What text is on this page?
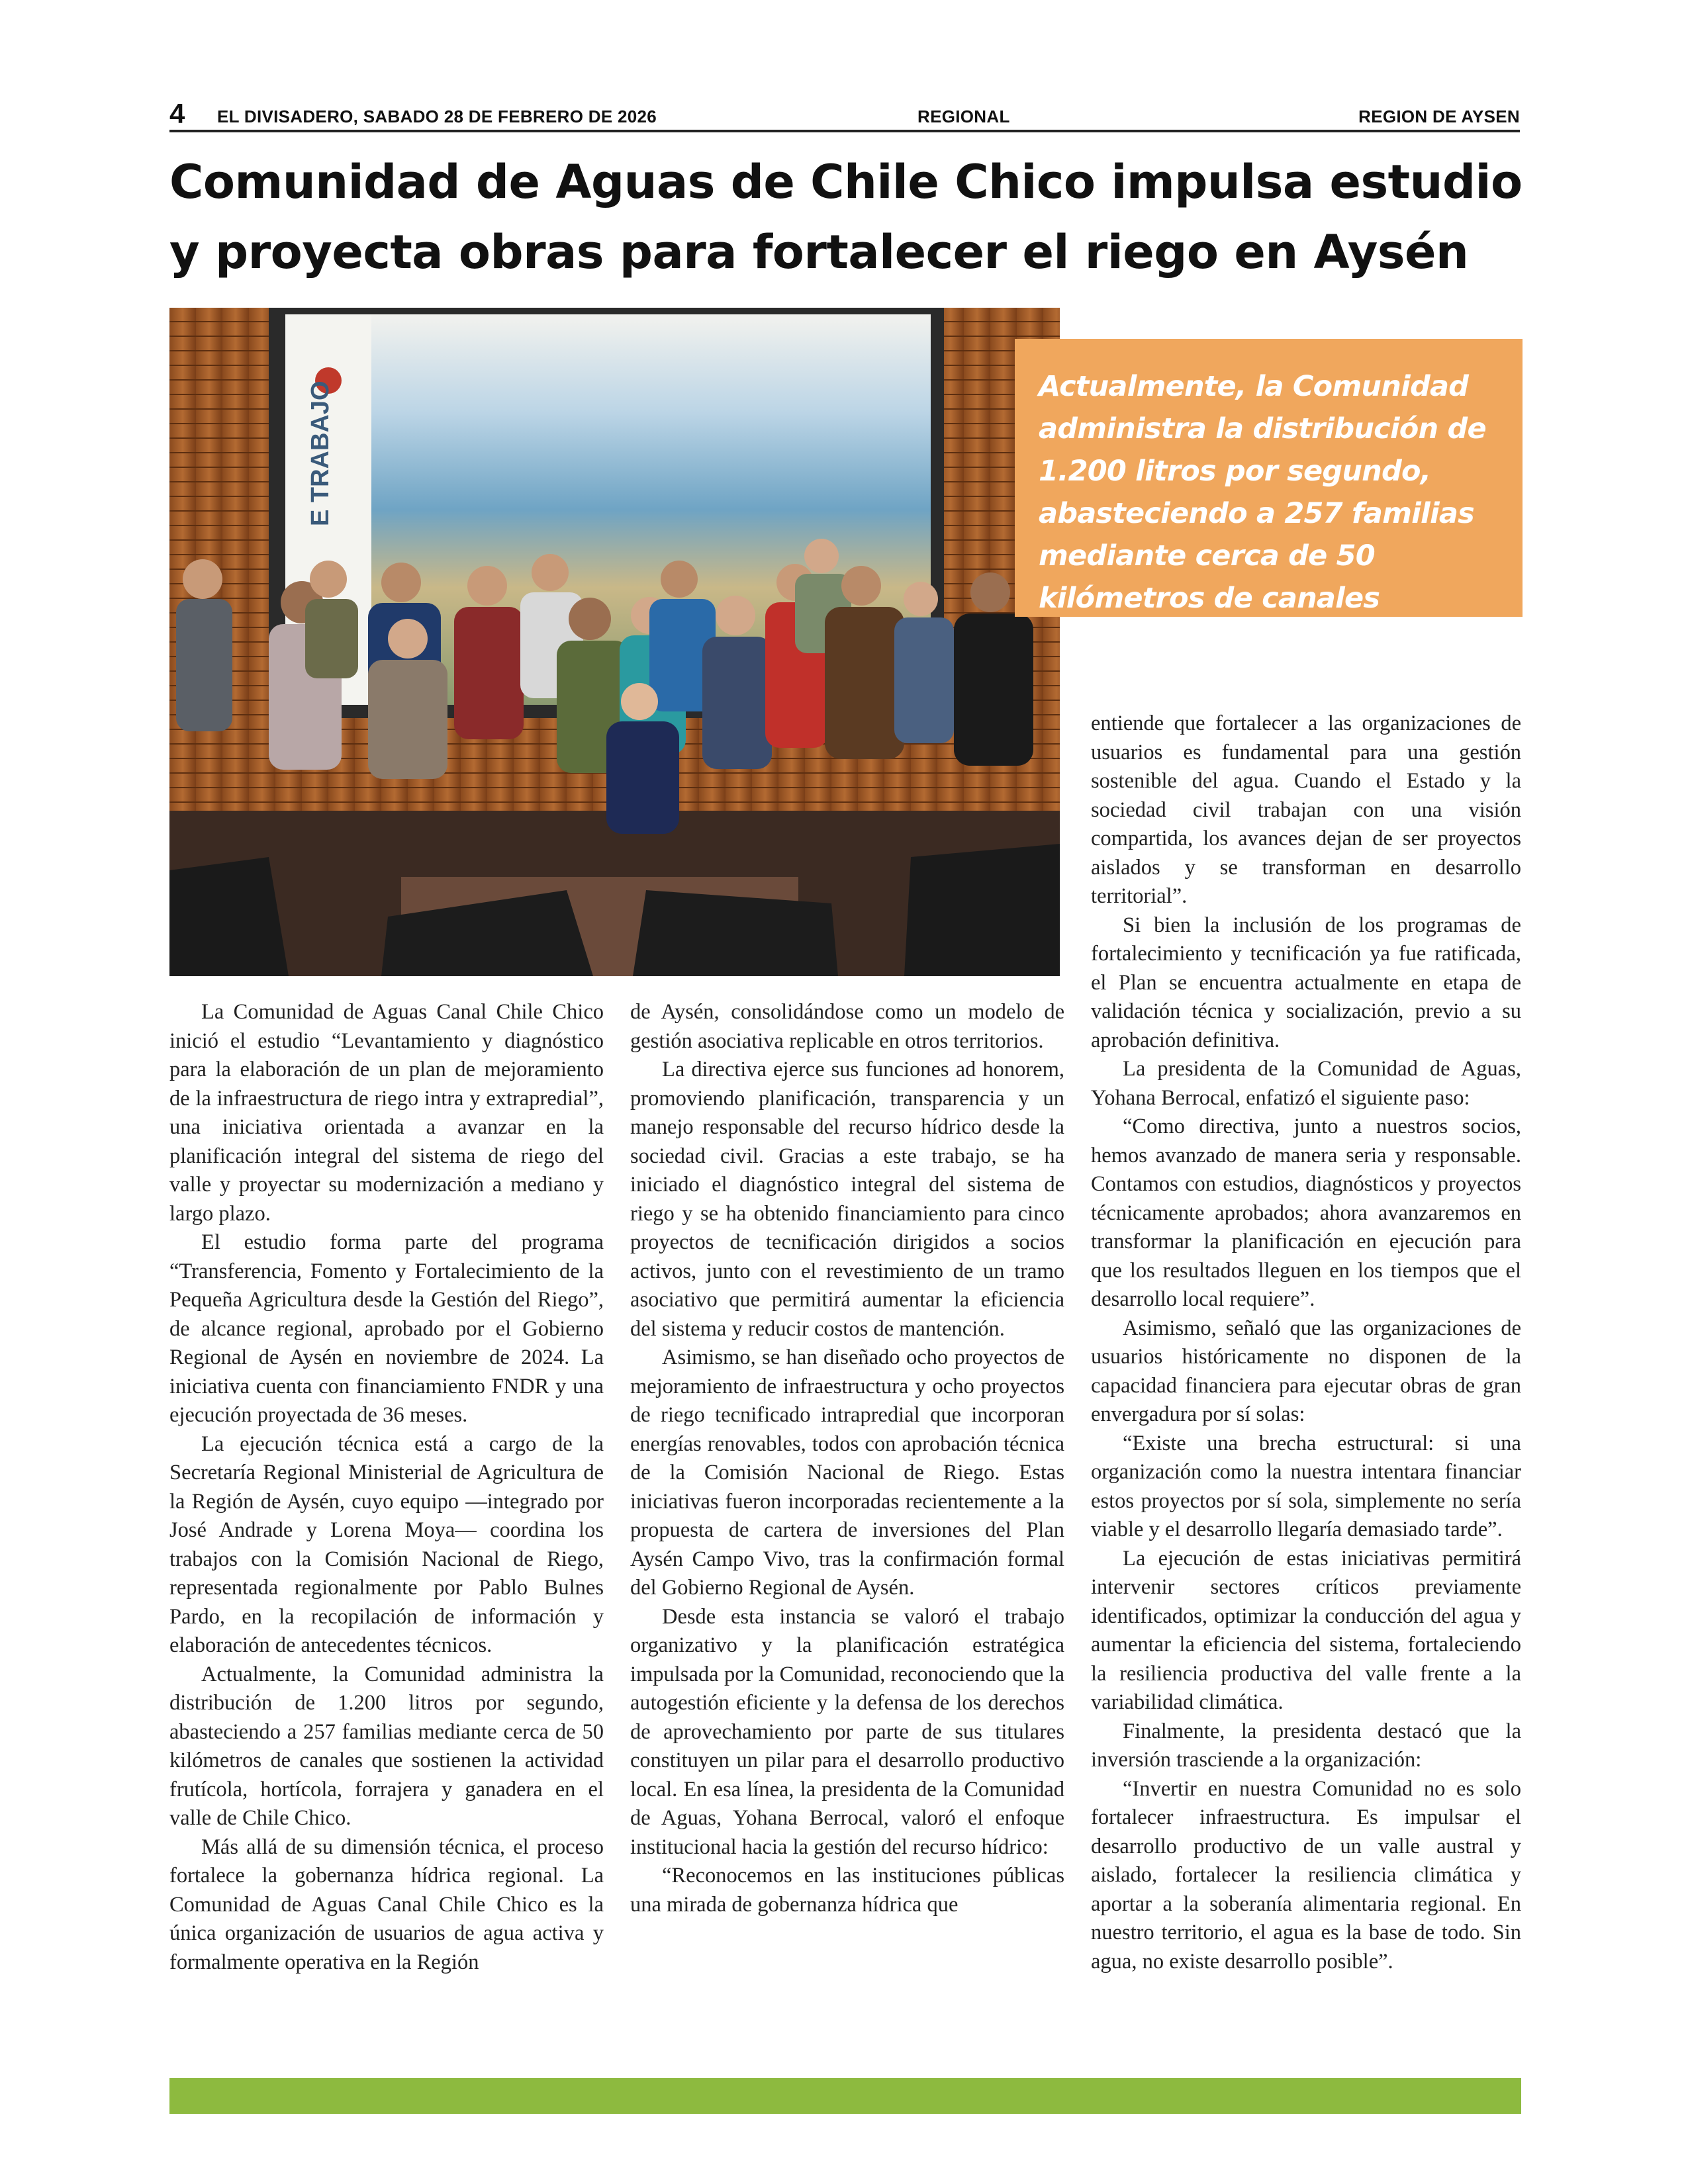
4 EL DIVISADERO, SABADO 28 DE FEBRERO DE 2026	REGIONAL	REGION DE AYSEN
Comunidad de Aguas de Chile Chico impulsa estudio y proyecta obras para fortalecer el riego en Aysén
E TRABAJO	Actualmente, la Comunidad administra la distribución de 1.200 litros por segundo, abasteciendo a 257 familias mediante cerca de 50 kilómetros de canales

La Comunidad de Aguas Canal Chile Chico inició el estudio “Levantamiento y diagnóstico para la elaboración de un plan de mejoramiento de la infraestructura de riego intra y extrapredial”, una iniciativa orientada a avanzar en la planificación integral del sistema de riego del valle y proyectar su modernización a mediano y largo plazo.

El estudio forma parte del programa “Transferencia, Fomento y Fortalecimiento de la Pequeña Agricultura desde la Gestión del Riego”, de alcance regional, aprobado por el Gobierno Regional de Aysén en noviembre de 2024. La iniciativa cuenta con financiamiento FNDR y una ejecución proyectada de 36 meses.

La ejecución técnica está a cargo de la Secretaría Regional Ministerial de Agricultura de la Región de Aysén, cuyo equipo —integrado por José Andrade y Lorena Moya— coordina los trabajos con la Comisión Nacional de Riego, representada regionalmente por Pablo Bulnes Pardo, en la recopilación de información y elaboración de antecedentes técnicos.

Actualmente, la Comunidad administra la distribución de 1.200 litros por segundo, abasteciendo a 257 familias mediante cerca de 50 kilómetros de canales que sostienen la actividad frutícola, hortícola, forrajera y ganadera en el valle de Chile Chico.

Más allá de su dimensión técnica, el proceso fortalece la gobernanza hídrica regional. La Comunidad de Aguas Canal Chile Chico es la única organización de usuarios de agua activa y formalmente operativa en la Región

de Aysén, consolidándose como un modelo de gestión asociativa replicable en otros territorios.

La directiva ejerce sus funciones ad honorem, promoviendo planificación, transparencia y un manejo responsable del recurso hídrico desde la sociedad civil. Gracias a este trabajo, se ha iniciado el diagnóstico integral del sistema de riego y se ha obtenido financiamiento para cinco proyectos de tecnificación dirigidos a socios activos, junto con el revestimiento de un tramo asociativo que permitirá aumentar la eficiencia del sistema y reducir costos de mantención.

Asimismo, se han diseñado ocho proyectos de mejoramiento de infraestructura y ocho proyectos de riego tecnificado intrapredial que incorporan energías renovables, todos con aprobación técnica de la Comisión Nacional de Riego. Estas iniciativas fueron incorporadas recientemente a la propuesta de cartera de inversiones del Plan Aysén Campo Vivo, tras la confirmación formal del Gobierno Regional de Aysén.

Desde esta instancia se valoró el trabajo organizativo y la planificación estratégica impulsada por la Comunidad, reconociendo que la autogestión eficiente y la defensa de los derechos de aprovechamiento por parte de sus titulares constituyen un pilar para el desarrollo productivo local. En esa línea, la presidenta de la Comunidad de Aguas, Yohana Berrocal, valoró el enfoque institucional hacia la gestión del recurso hídrico:

“Reconocemos en las instituciones públicas una mirada de gobernanza hídrica que

entiende que fortalecer a las organizaciones de usuarios es fundamental para una gestión sostenible del agua. Cuando el Estado y la sociedad civil trabajan con una visión compartida, los avances dejan de ser proyectos aislados y se transforman en desarrollo territorial”.

Si bien la inclusión de los programas de fortalecimiento y tecnificación ya fue ratificada, el Plan se encuentra actualmente en etapa de validación técnica y socialización, previo a su aprobación definitiva.

La presidenta de la Comunidad de Aguas, Yohana Berrocal, enfatizó el siguiente paso:

“Como directiva, junto a nuestros socios, hemos avanzado de manera seria y responsable. Contamos con estudios, diagnósticos y proyectos técnicamente aprobados; ahora avanzaremos en transformar la planificación en ejecución para que los resultados lleguen en los tiempos que el desarrollo local requiere”.

Asimismo, señaló que las organizaciones de usuarios históricamente no disponen de la capacidad financiera para ejecutar obras de gran envergadura por sí solas:

“Existe una brecha estructural: si una organización como la nuestra intentara financiar estos proyectos por sí sola, simplemente no sería viable y el desarrollo llegaría demasiado tarde”.

La ejecución de estas iniciativas permitirá intervenir sectores críticos previamente identificados, optimizar la conducción del agua y aumentar la eficiencia del sistema, fortaleciendo la resiliencia productiva del valle frente a la variabilidad climática.

Finalmente, la presidenta destacó que la inversión trasciende a la organización:

“Invertir en nuestra Comunidad no es solo fortalecer infraestructura. Es impulsar el desarrollo productivo de un valle austral y aislado, fortalecer la resiliencia climática y aportar a la soberanía alimentaria regional. En nuestro territorio, el agua es la base de todo. Sin agua, no existe desarrollo posible”.
